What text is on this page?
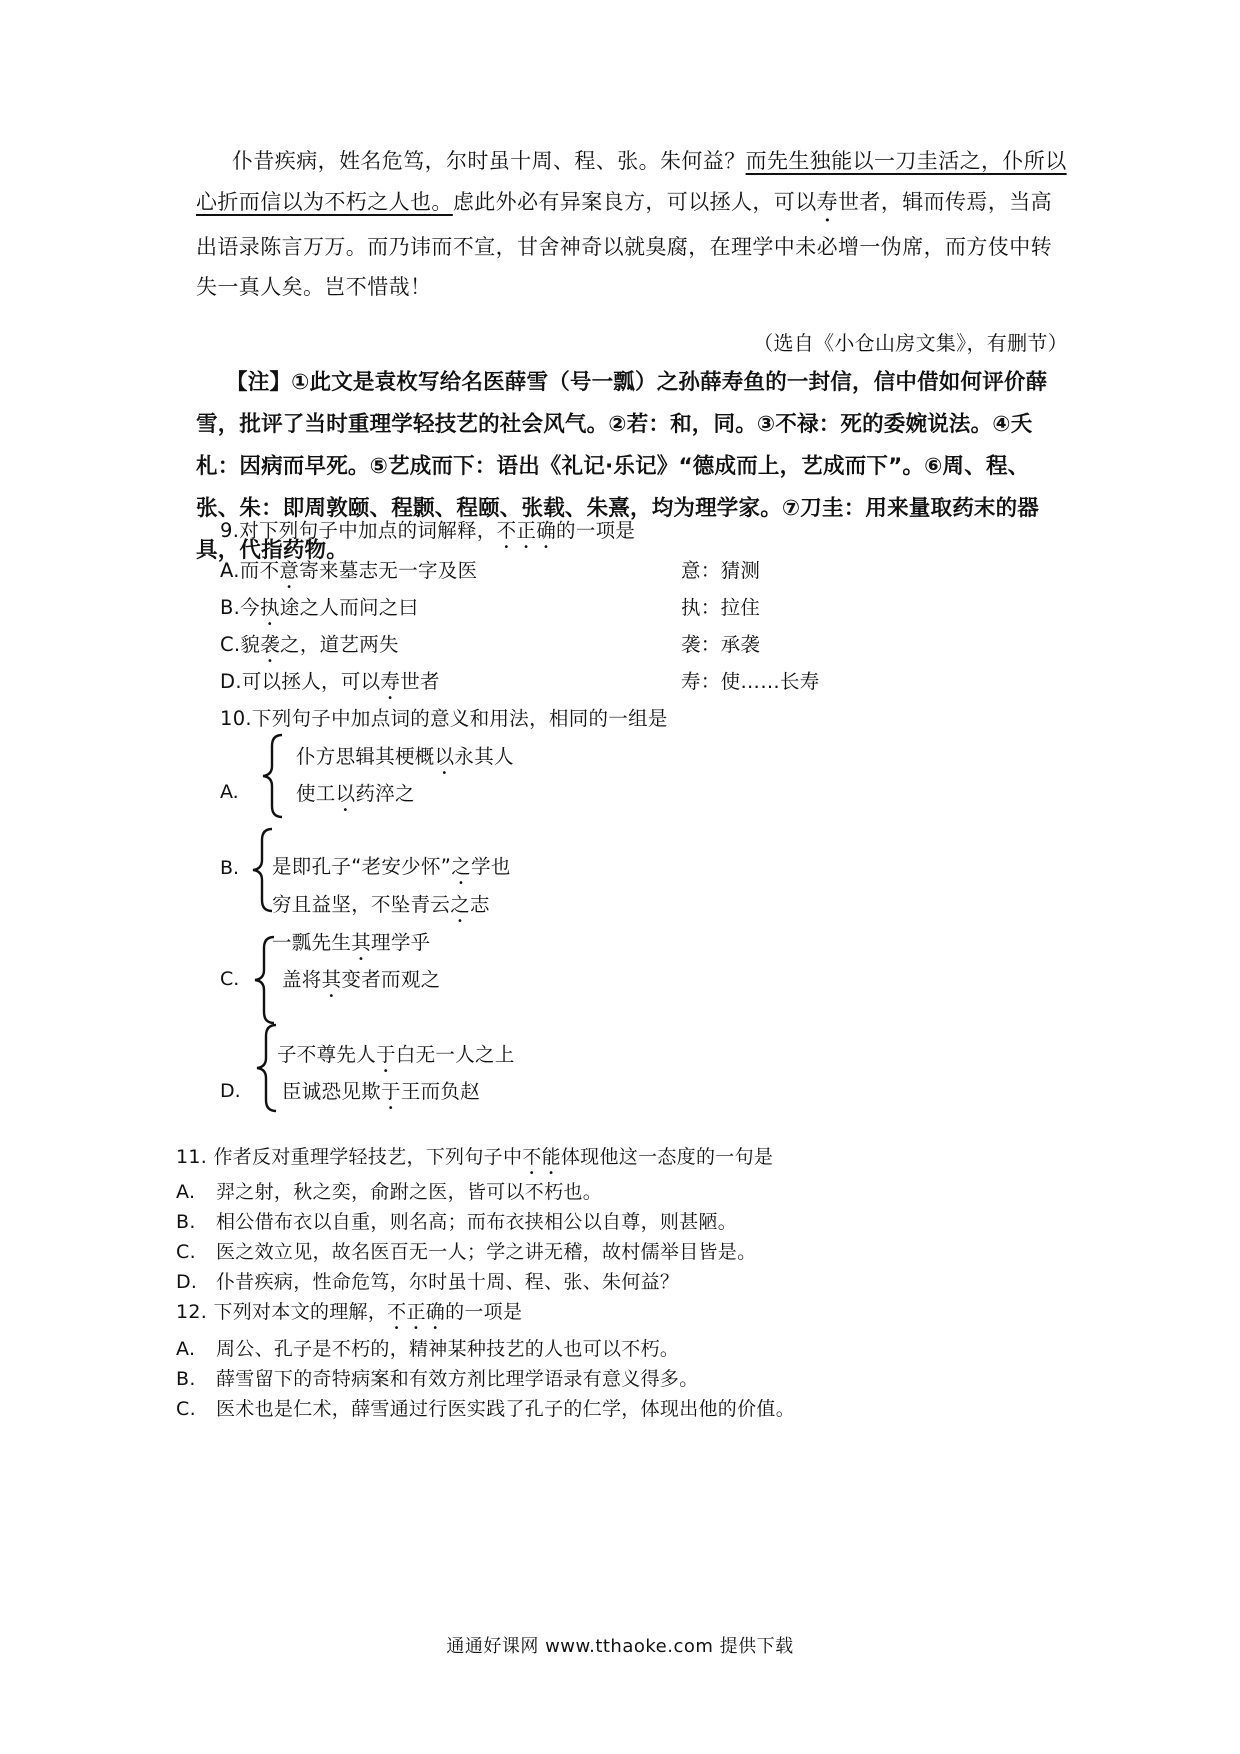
仆昔疾病，姓名危笃，尔时虽十周、程、张。朱何益？而先生独能以一刀圭活之，仆所以心折而信以为不朽之人也。虑此外必有异案良方，可以拯人，可以寿世者，辑而传焉，当高出语录陈言万万。而乃讳而不宣，甘舍神奇以就臭腐，在理学中未必增一伪席，而方伎中转失一真人矣。岂不惜哉！
（选自《小仓山房文集》，有删节）
【注】①此文是袁枚写给名医薛雪（号一瓢）之孙薛寿鱼的一封信，信中借如何评价薛雪，批评了当时重理学轻技艺的社会风气。②若：和，同。③不禄：死的委婉说法。④夭札：因病而早死。⑤艺成而下：语出《礼记·乐记》“德成而上，艺成而下”。⑥周、程、张、朱：即周敦颐、程颢、程颐、张载、朱熹，均为理学家。⑦刀圭：用来量取药末的器具，代指药物。
9.对下列句子中加点的词解释，不正确的一项是
A.而不意寄来墓志无一字及医	意：猜测
B.今执途之人而问之曰	执：拉住
C.貌袭之，道艺两失	袭：承袭
D.可以拯人，可以寿世者	寿：使……长寿
10.下列句子中加点词的意义和用法，相同的一组是
A.
仆方思辑其梗概以永其人
使工以药淬之
B. 是即孔子“老安少怀”之学也
穷且益坚，不坠青云之志
C.
一瓢先生其理学乎
盖将其变者而观之
D.
子不尊先人于白无一人之上
臣诚恐见欺于王而负赵
11. 作者反对重理学轻技艺，下列句子中不能体现他这一态度的一句是
A. 羿之射，秋之奕，俞跗之医，皆可以不朽也。
B. 相公借布衣以自重，则名高；而布衣挟相公以自尊，则甚陋。
C. 医之效立见，故名医百无一人；学之讲无稽，故村儒举目皆是。
D. 仆昔疾病，性命危笃，尔时虽十周、程、张、朱何益？
12. 下列对本文的理解，不正确的一项是
A. 周公、孔子是不朽的，精神某种技艺的人也可以不朽。
B. 薛雪留下的奇特病案和有效方剂比理学语录有意义得多。
C. 医术也是仁术，薛雪通过行医实践了孔子的仁学，体现出他的价值。
通通好课网 www.tthaoke.com 提供下载
